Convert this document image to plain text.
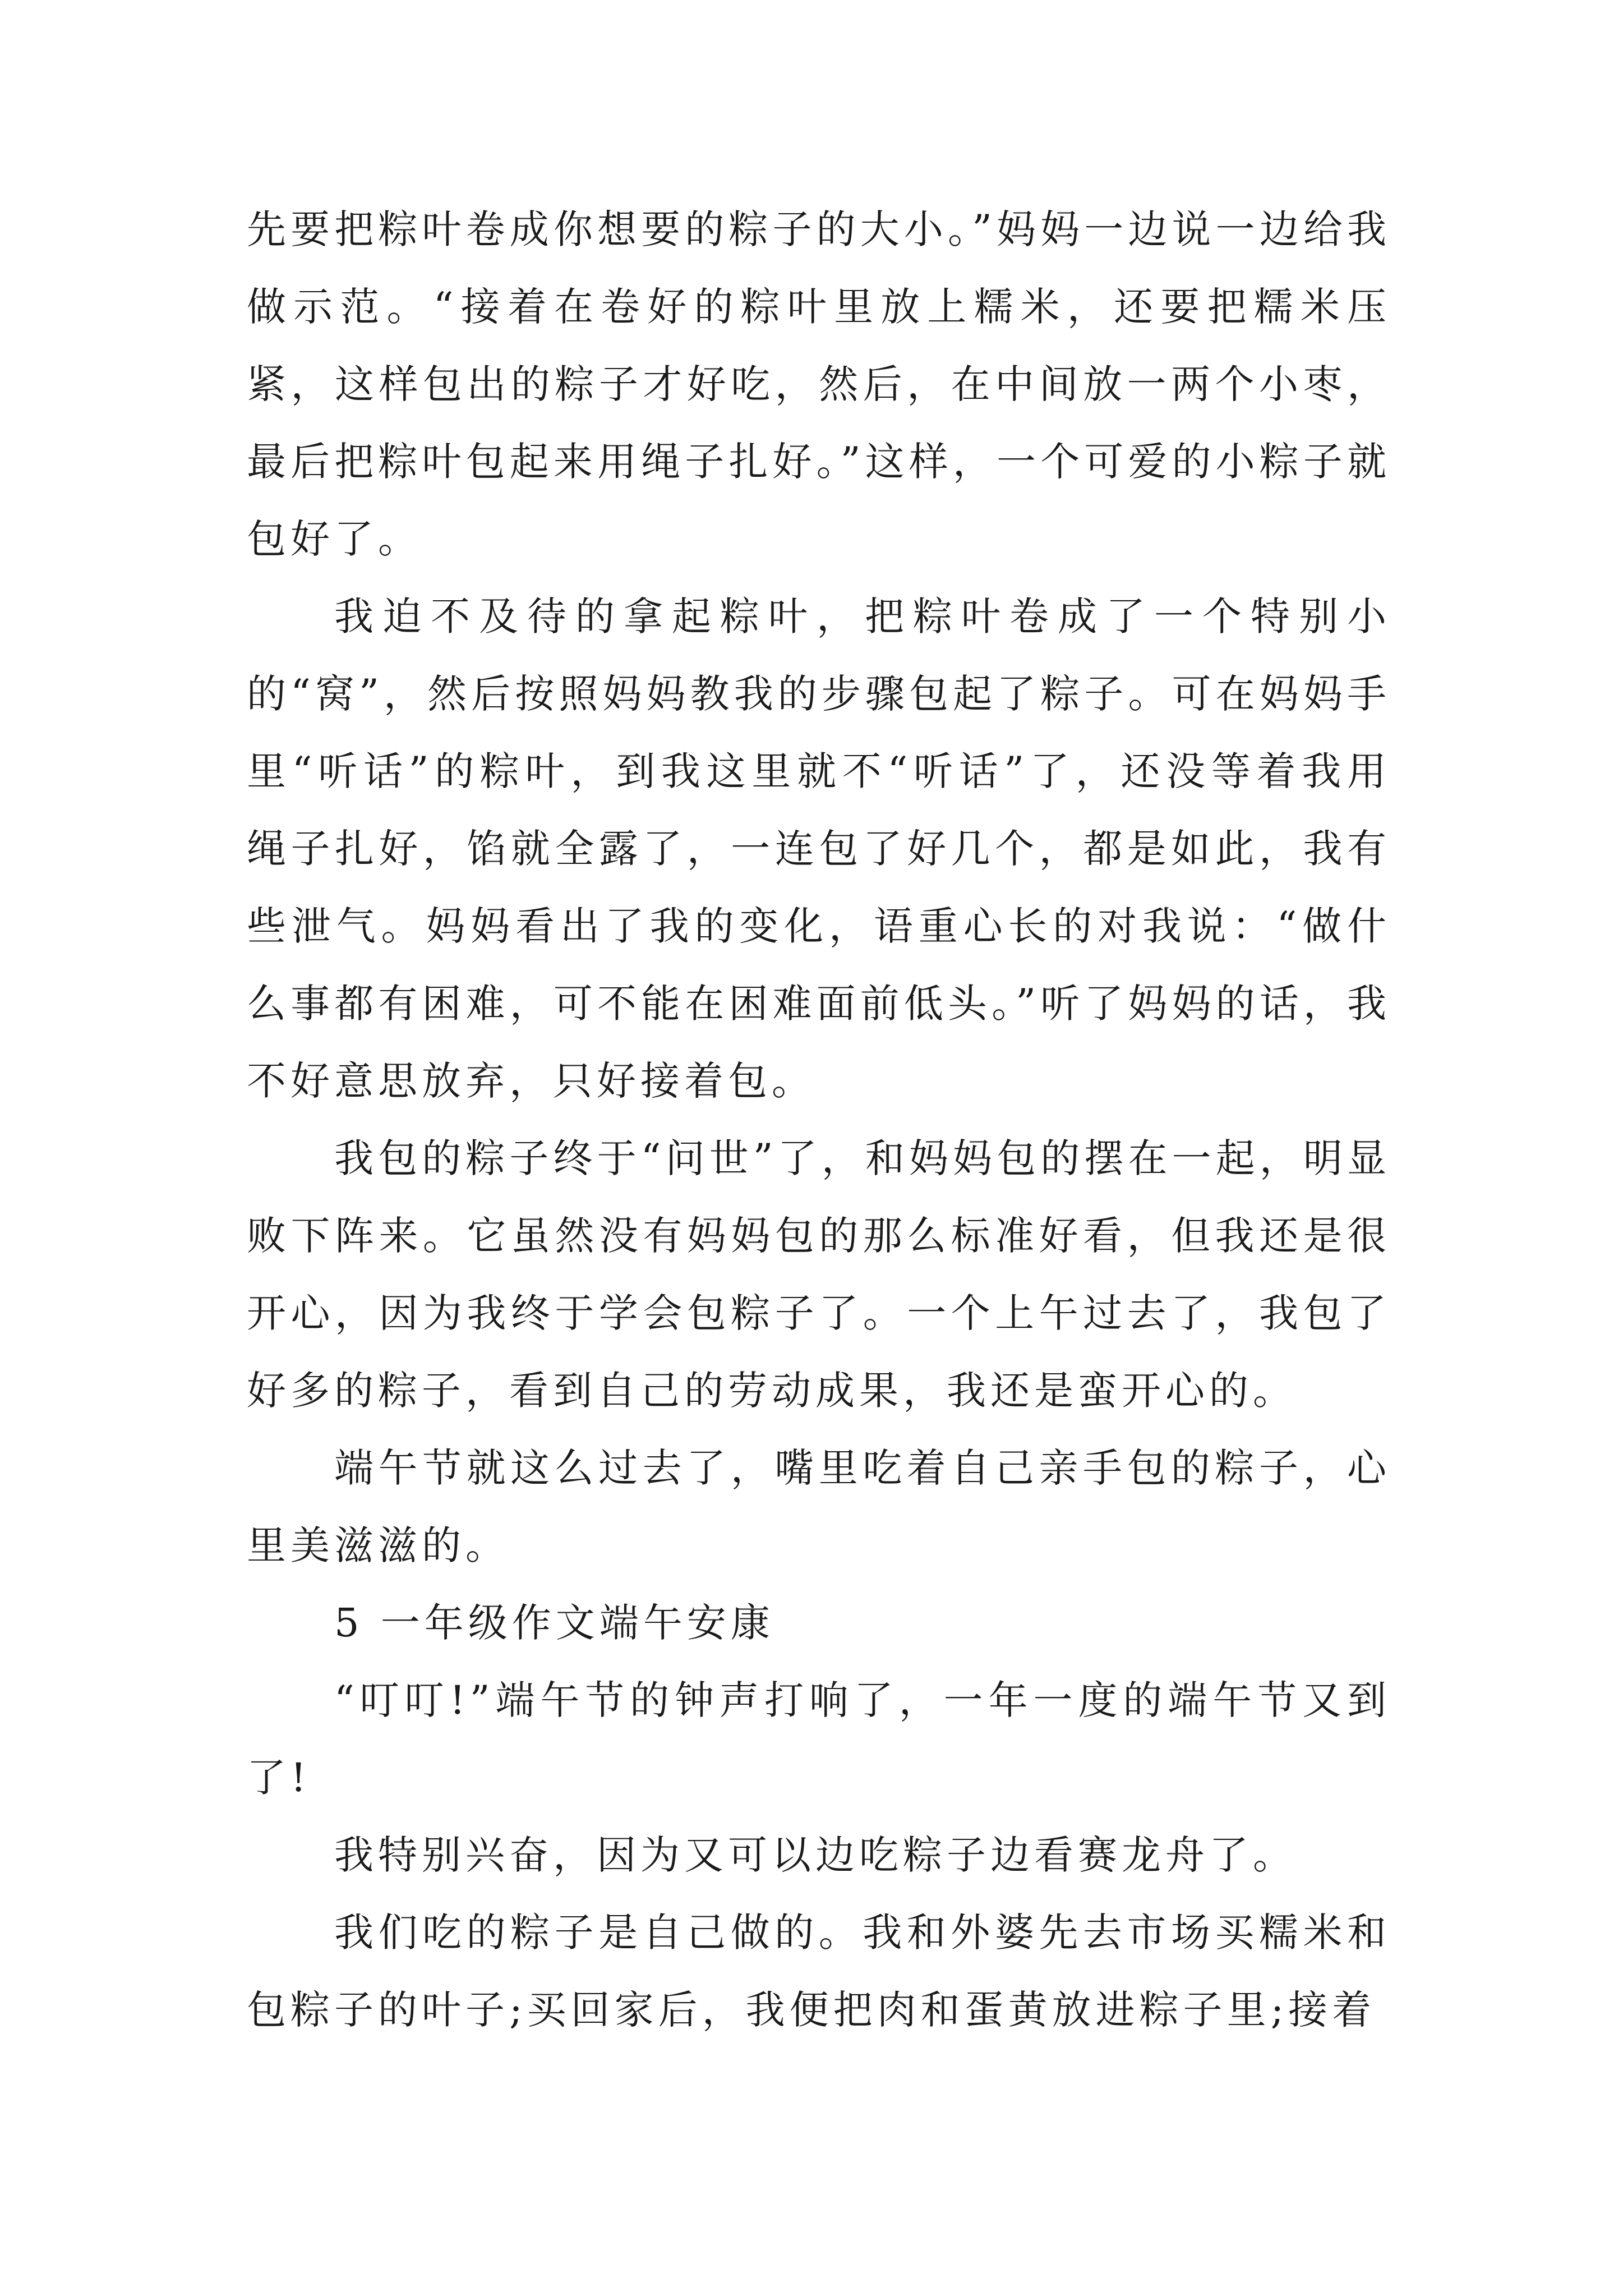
先要把粽叶卷成你想要的粽子的大小。”妈妈一边说一边给我做示范。“接着在卷好的粽叶里放上糯米，还要把糯米压紧，这样包出的粽子才好吃，然后，在中间放一两个小枣，最后把粽叶包起来用绳子扎好。”这样，一个可爱的小粽子就包好了。

我迫不及待的拿起粽叶，把粽叶卷成了一个特别小的“窝”，然后按照妈妈教我的步骤包起了粽子。可在妈妈手里“听话”的粽叶，到我这里就不“听话”了，还没等着我用绳子扎好，馅就全露了，一连包了好几个，都是如此，我有些泄气。妈妈看出了我的变化，语重心长的对我说：“做什么事都有困难，可不能在困难面前低头。”听了妈妈的话，我不好意思放弃，只好接着包。

我包的粽子终于“问世”了，和妈妈包的摆在一起，明显败下阵来。它虽然没有妈妈包的那么标准好看，但我还是很开心，因为我终于学会包粽子了。一个上午过去了，我包了好多的粽子，看到自己的劳动成果，我还是蛮开心的。

端午节就这么过去了，嘴里吃着自己亲手包的粽子，心里美滋滋的。

5 一年级作文端午安康

“叮叮!”端午节的钟声打响了，一年一度的端午节又到了!

我特别兴奋，因为又可以边吃粽子边看赛龙舟了。

我们吃的粽子是自己做的。我和外婆先去市场买糯米和包粽子的叶子;买回家后，我便把肉和蛋黄放进粽子里;接着
